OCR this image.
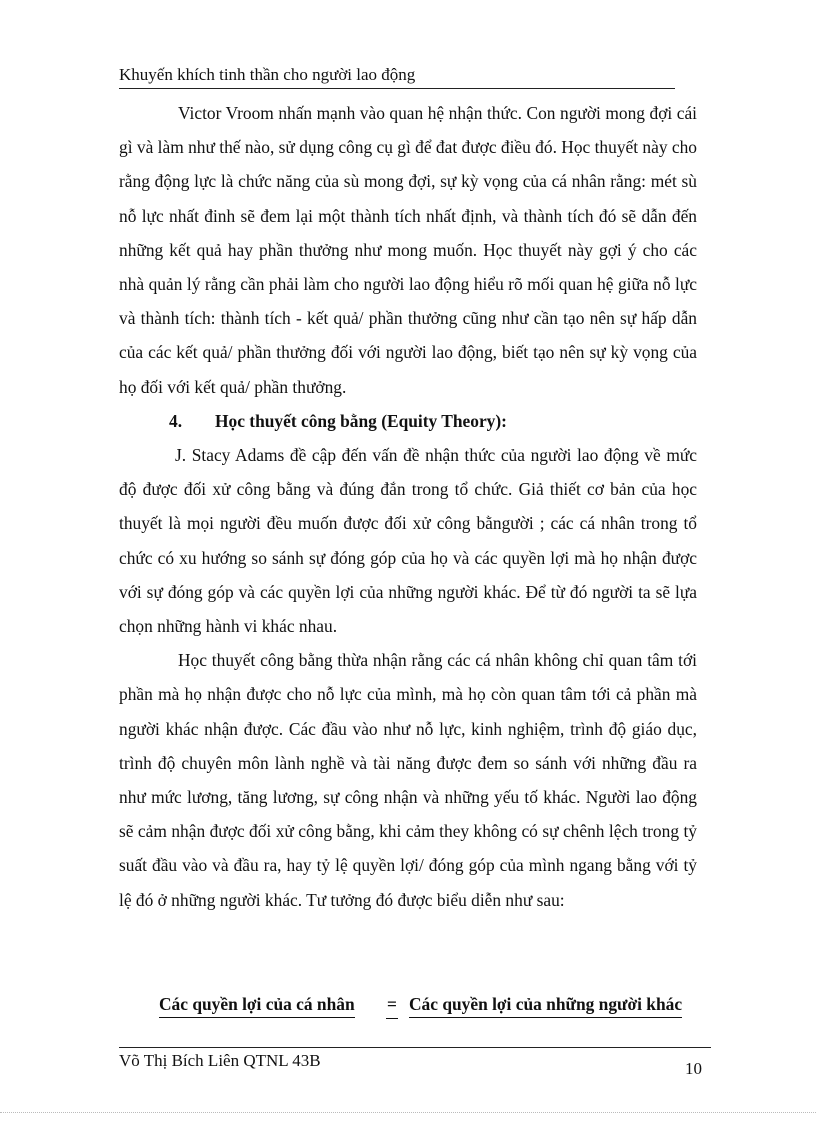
Khuyến khích tinh thần cho người lao động

Victor Vroom nhấn mạnh vào quan hệ nhận thức. Con người mong đợi cái gì và làm như thế nào, sử dụng công cụ gì để đat được điều đó. Học thuyết này cho rằng động lực là chức năng của sù mong đợi, sự kỳ vọng của cá nhân rằng: mét sù nỗ lực nhất đinh sẽ đem lại một thành tích nhất định, và thành tích đó sẽ dẫn đến những kết quả hay phần thưởng như mong muốn. Học thuyết này gợi ý cho các nhà quản lý rằng cần phải làm cho người lao động hiểu rõ mối quan hệ giữa nỗ lực và thành tích: thành tích - kết quả/ phần thưởng cũng như cần tạo nên sự hấp dẫn của các kết quả/ phần thưởng đối với người lao động, biết tạo nên sự kỳ vọng của họ đối với kết quả/ phần thưởng.

4.	Học thuyết công bằng (Equity Theory):

J. Stacy Adams đề cập đến vấn đề nhận thức của người lao động về mức độ được đối xử công bằng và đúng đắn trong tổ chức. Giả thiết cơ bản của học thuyết là mọi người đều muốn được đối xử công bằngười ; các cá nhân trong tổ chức có xu hướng so sánh sự đóng góp của họ và các quyền lợi mà họ nhận được với sự đóng góp và các quyền lợi của những người khác. Để từ đó người ta sẽ lựa chọn những hành vi khác nhau.

Học thuyết công bằng thừa nhận rằng các cá nhân không chỉ quan tâm tới phần mà họ nhận được cho nỗ lực của mình, mà họ còn quan tâm tới cả phần mà người khác nhận được. Các đầu vào như nỗ lực, kinh nghiệm, trình độ giáo dục, trình độ chuyên môn lành nghề và tài năng được đem so sánh với những đầu ra như mức lương, tăng lương, sự công nhận và những yếu tố khác. Người lao động sẽ cảm nhận được đối xử công bằng, khi cảm they không có sự chênh lệch trong tỷ suất đầu vào và đầu ra, hay tỷ lệ quyền lợi/ đóng góp của mình ngang bằng với tỷ lệ đó ở những người khác. Tư tưởng đó được biểu diễn như sau:

Các quyền lợi của cá nhân = Các quyền lợi của những người khác
Võ Thị Bích Liên QTNL 43B	10
